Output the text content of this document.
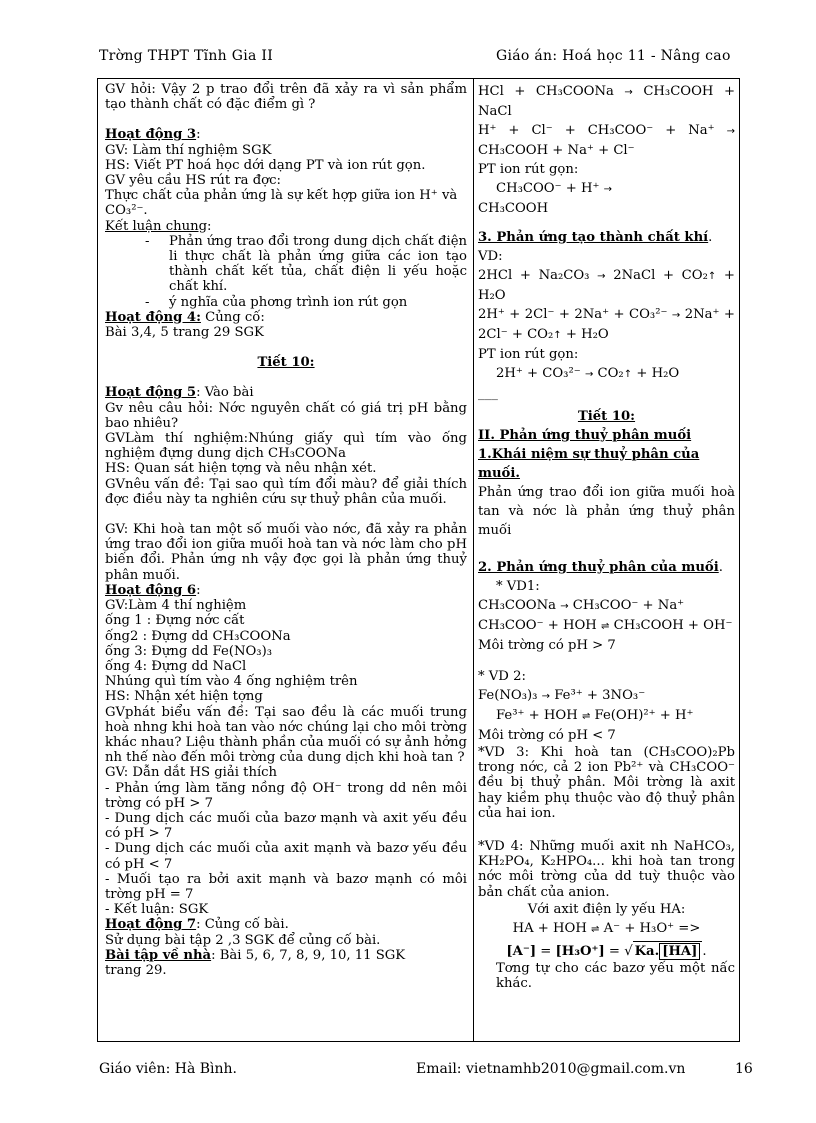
Trờng THPT Tĩnh Gia II	Giáo án: Hoá học 11 - Nâng cao

GV hỏi: Vậy 2 p trao đổi trên đã xảy ra vì sản phẩm tạo thành chất có đặc điểm gì ?

Hoạt động 3:

GV: Làm thí nghiệm SGK

HS: Viết PT hoá học dới dạng PT và ion rút gọn.

GV yêu cầu HS rút ra đợc:

Thực chất của phản ứng là sự kết hợp giữa ion H⁺ và CO₃²⁻.

Kết luận chung:

-	Phản ứng trao đổi trong dung dịch chất điện li thực chất là phản ứng giữa các ion tạo thành chất kết tủa, chất điện li yếu hoặc chất khí.
-	ý nghĩa của phơng trình ion rút gọn

Hoạt động 4: Củng cố:

Bài 3,4, 5 trang 29 SGK

Tiết 10:

Hoạt động 5: Vào bài

Gv nêu câu hỏi: Nớc nguyên chất có giá trị pH bằng bao nhiêu?

GVLàm thí nghiệm:Nhúng giấy quì tím vào ống nghiệm đựng dung dịch CH₃COONa

HS: Quan sát hiện tợng và nêu nhận xét.

GVnêu vấn đề: Tại sao quì tím đổi màu? để giải thích đợc điều này ta nghiên cứu sự thuỷ phân của muối.

GV: Khi hoà tan một số muối vào nớc, đã xảy ra phản ứng trao đổi ion giữa muối hoà tan và nớc làm cho pH biến đổi. Phản ứng nh vậy đợc gọi là phản ứng thuỷ phân muối.

Hoạt động 6:

GV:Làm 4 thí nghiệm

ống 1 : Đựng nớc cất

ống2 : Đựng dd CH₃COONa

ống 3: Đựng dd Fe(NO₃)₃

ống 4: Đựng dd NaCl

Nhúng quì tím vào 4 ống nghiệm trên

HS: Nhận xét hiện tợng

GVphát biểu vấn đề: Tại sao đều là các muối trung hoà nhng khi hoà tan vào nớc chúng lại cho môi trờng khác nhau? Liệu thành phần của muối có sự ảnh hởng nh thế nào đến môi trờng của dung dịch khi hoà tan ?

GV: Dẫn dắt HS giải thích

- Phản ứng làm tăng nồng độ OH⁻ trong dd nên môi trờng có pH > 7

- Dung dịch các muối của bazơ mạnh và axit yếu đều có pH > 7

- Dung dịch các muối của axit mạnh và bazơ yếu đều có pH < 7

- Muối tạo ra bởi axit mạnh và bazơ mạnh có môi trờng pH = 7

- Kết luận: SGK

Hoạt động 7: Củng cố bài.

Sử dụng bài tập 2 ,3 SGK để củng cố bài.

Bài tập về nhà: Bài 5, 6, 7, 8, 9, 10, 11 SGK

trang 29.

HCl + CH₃COONa → CH₃COOH + NaCl

H⁺ + Cl⁻ + CH₃COO⁻ + Na⁺ → CH₃COOH + Na⁺ + Cl⁻

PT ion rút gọn:

CH₃COO⁻ + H⁺ →

CH₃COOH

3. Phản ứng tạo thành chất khí.

VD:

2HCl + Na₂CO₃ → 2NaCl + CO₂↑ + H₂O

2H⁺ + 2Cl⁻ + 2Na⁺ + CO₃²⁻ → 2Na⁺ + 2Cl⁻ + CO₂↑ + H₂O

PT ion rút gọn:

2H⁺ + CO₃²⁻ → CO₂↑ + H₂O

___

Tiết 10:

II. Phản ứng thuỷ phân muối

1.Khái niệm sự thuỷ phân của muối.

Phản ứng trao đổi ion giữa muối hoà tan và nớc là phản ứng thuỷ phân muối

2. Phản ứng thuỷ phân của muối.

* VD1:

CH₃COONa → CH₃COO⁻ + Na⁺

CH₃COO⁻ + HOH ⇌ CH₃COOH + OH⁻

Môi trờng có pH > 7

* VD 2:

Fe(NO₃)₃ → Fe³⁺ + 3NO₃⁻

Fe³⁺ + HOH ⇌ Fe(OH)²⁺ + H⁺

Môi trờng có pH < 7

*VD 3: Khi hoà tan (CH₃COO)₂Pb trong nớc, cả 2 ion Pb²⁺ và CH₃COO⁻ đều bị thuỷ phân. Môi trờng là axit hay kiềm phụ thuộc vào độ thuỷ phân của hai ion.

*VD 4: Những muối axit nh NaHCO₃, KH₂PO₄, K₂HPO₄... khi hoà tan trong nớc môi trờng của dd tuỳ thuộc vào bản chất của anion.

Với axit điện ly yếu HA:

HA + HOH ⇌ A⁻ + H₃O⁺ =>

[A⁻] = [H₃O⁺] = √ Ka. [HA] .

Tơng tự cho các bazơ yếu một nấc khác.

Giáo viên: Hà Bình.	Email: vietnamhb2010@gmail.com.vn	16
